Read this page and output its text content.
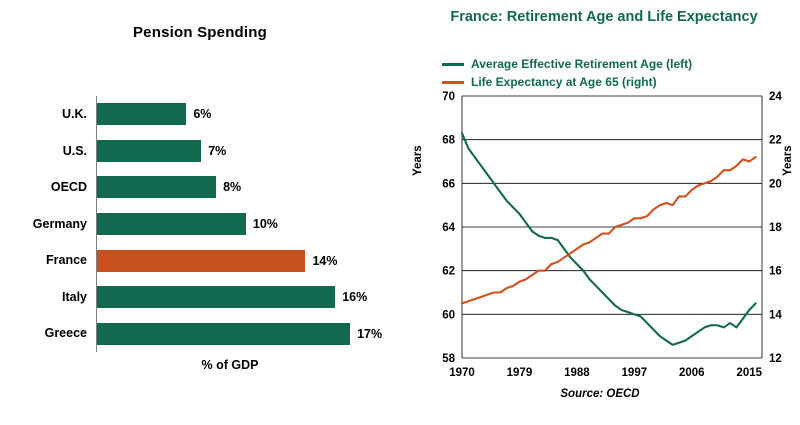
Pension Spending
U.K.	6%
U.S.	7%
OECD	8%
Germany	10%
France	14%
Italy	16%
Greece	17%
% of GDP
France: Retirement Age and Life Expectancy
Average Effective Retirement Age (left)
Life Expectancy at Age 65 (right)
Years	Years
70
68
66
64
62
60
58
24
22
20
18
16
14
12
1970	1979	1988	1997	2006	2015
Source: OECD
